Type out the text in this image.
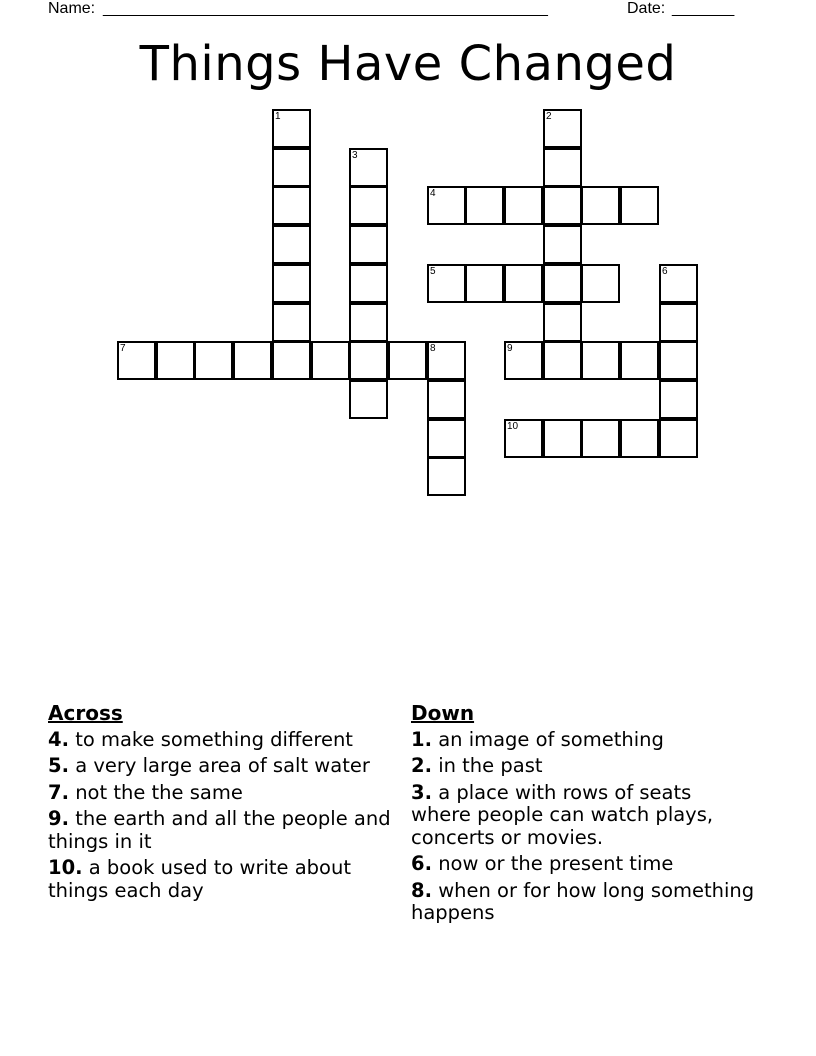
Name: __________________________________________________	Date: _______
Things Have Changed
1	2
3
4
5	6
7	8	9
10
Across
4. to make something different
5. a very large area of salt water
7. not the the same
9. the earth and all the people and things in it
10. a book used to write about things each day
Down
1. an image of something
2. in the past
3. a place with rows of seats where people can watch plays, concerts or movies.
6. now or the present time
8. when or for how long something happens
